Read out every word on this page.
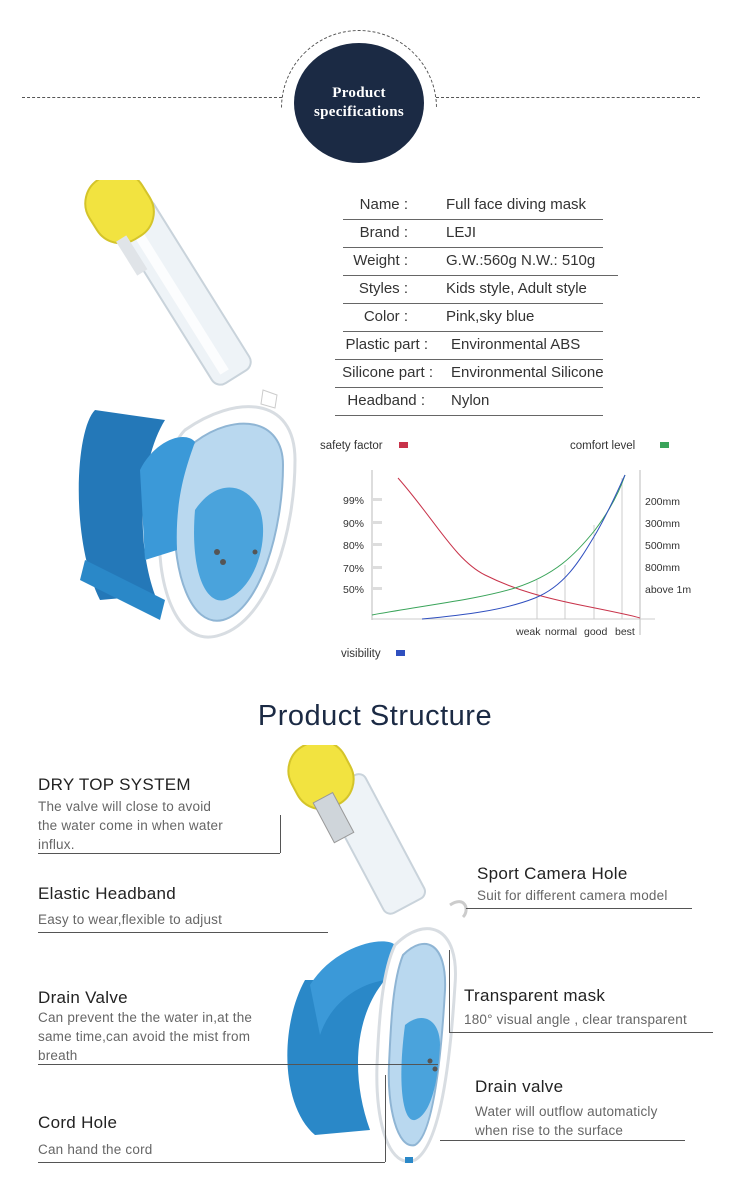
Product
specifications
Name :	Full face diving mask
Brand :	LEJI
Weight :	G.W.:560g N.W.: 510g
Styles :	Kids style, Adult style
Color :	Pink,sky blue
Plastic part : Environmental ABS
Silicone part : Environmental Silicone
Headband : Nylon
safety factor	comfort level
visibility
99%
90%
80%
70%
50%
200mm
300mm
500mm
800mm
above 1m
weak normal good best
Product Structure
DRY TOP SYSTEM
The valve will close to avoid
the water come in when water
influx.
Elastic Headband
Easy to wear,flexible to adjust
Drain Valve
Can prevent the the water in,at the
same time,can avoid the mist from
breath
Cord Hole
Can hand the cord
Sport Camera Hole
Suit for different camera model
Transparent mask
180° visual angle , clear transparent
Drain valve
Water will outflow automaticly
when rise to the surface
